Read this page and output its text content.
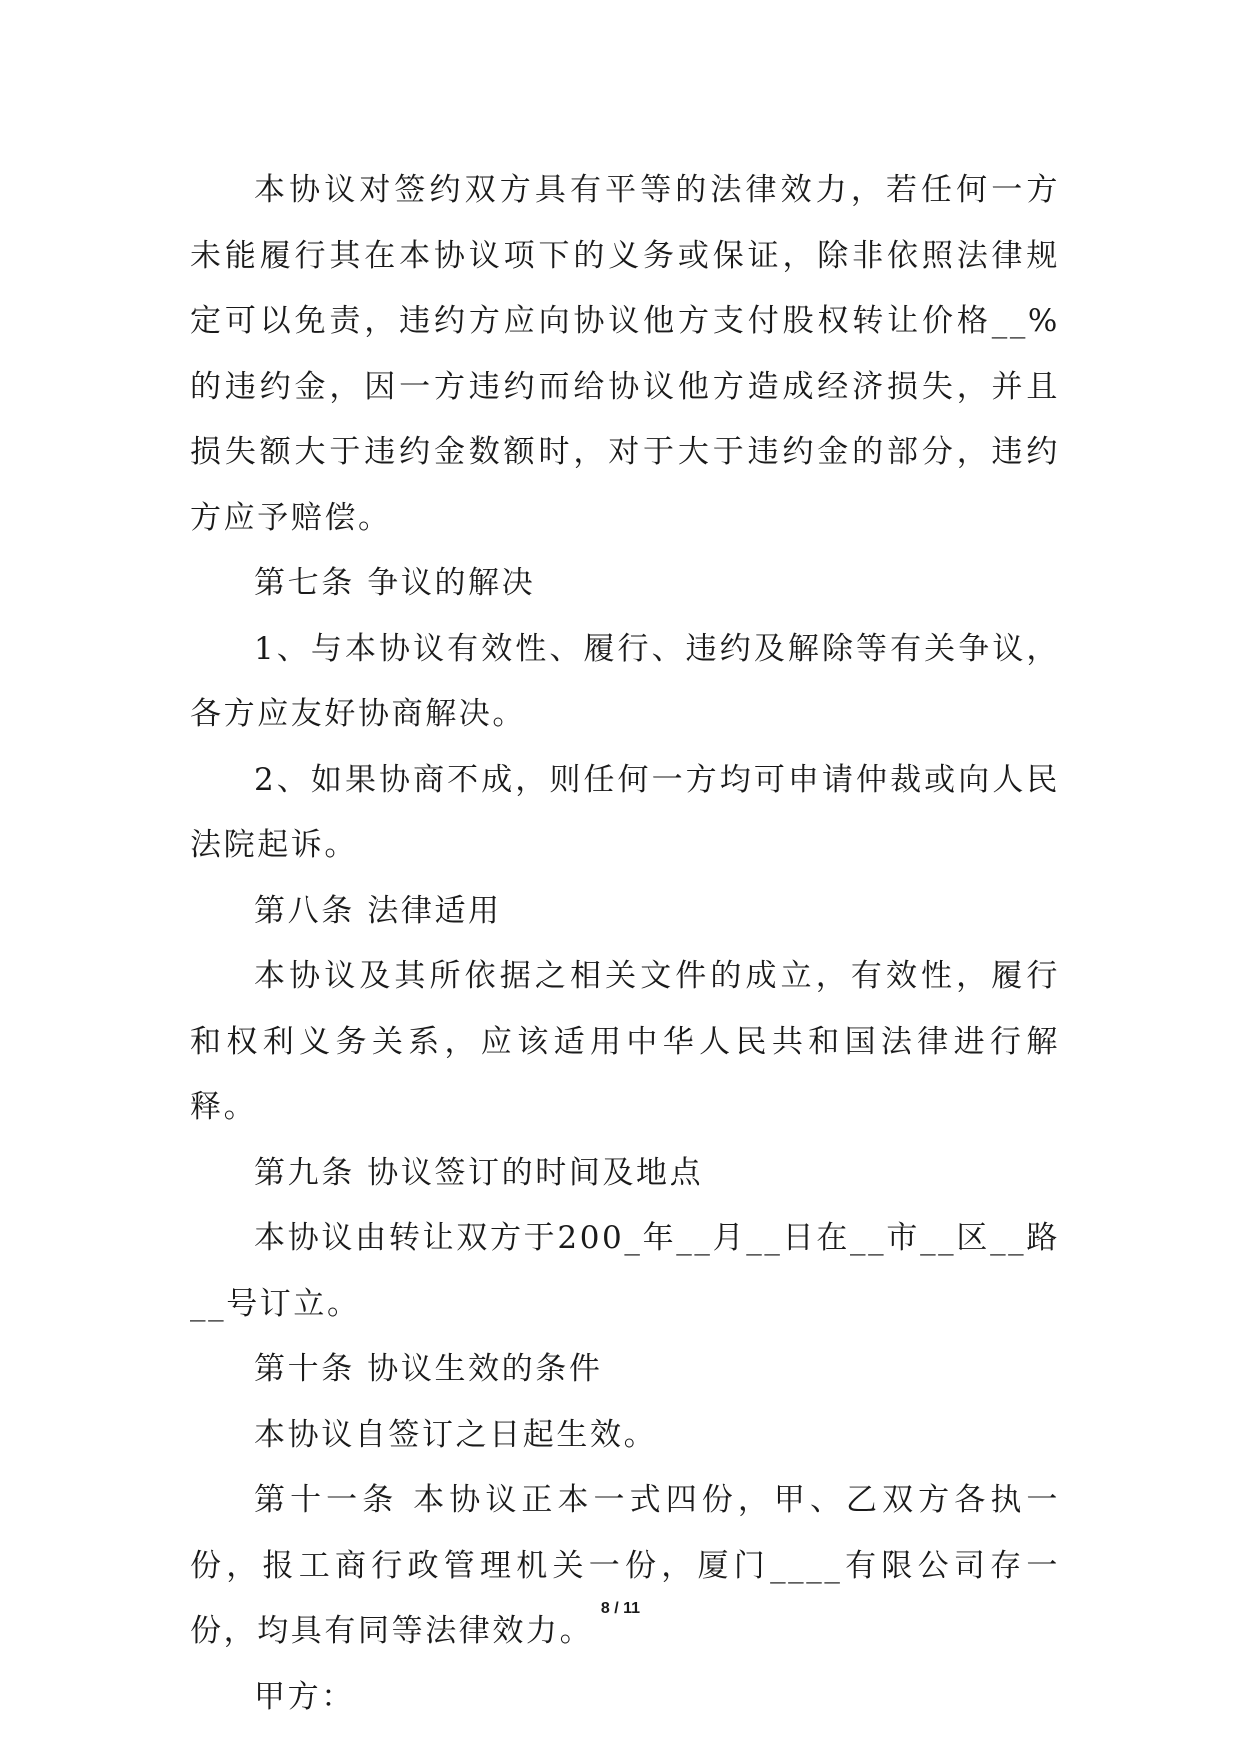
本协议对签约双方具有平等的法律效力，若任何一方未能履行其在本协议项下的义务或保证，除非依照法律规定可以免责，违约方应向协议他方支付股权转让价格__%的违约金，因一方违约而给协议他方造成经济损失，并且损失额大于违约金数额时，对于大于违约金的部分，违约方应予赔偿。

第七条 争议的解决

1、与本协议有效性、履行、违约及解除等有关争议，各方应友好协商解决。

2、如果协商不成，则任何一方均可申请仲裁或向人民法院起诉。

第八条 法律适用

本协议及其所依据之相关文件的成立，有效性，履行和权利义务关系，应该适用中华人民共和国法律进行解释。

第九条 协议签订的时间及地点

本协议由转让双方于200_年__月__日在__市__区__路__号订立。

第十条 协议生效的条件

本协议自签订之日起生效。

第十一条 本协议正本一式四份，甲、乙双方各执一份，报工商行政管理机关一份，厦门____有限公司存一份，均具有同等法律效力。

甲方：

8 / 11
